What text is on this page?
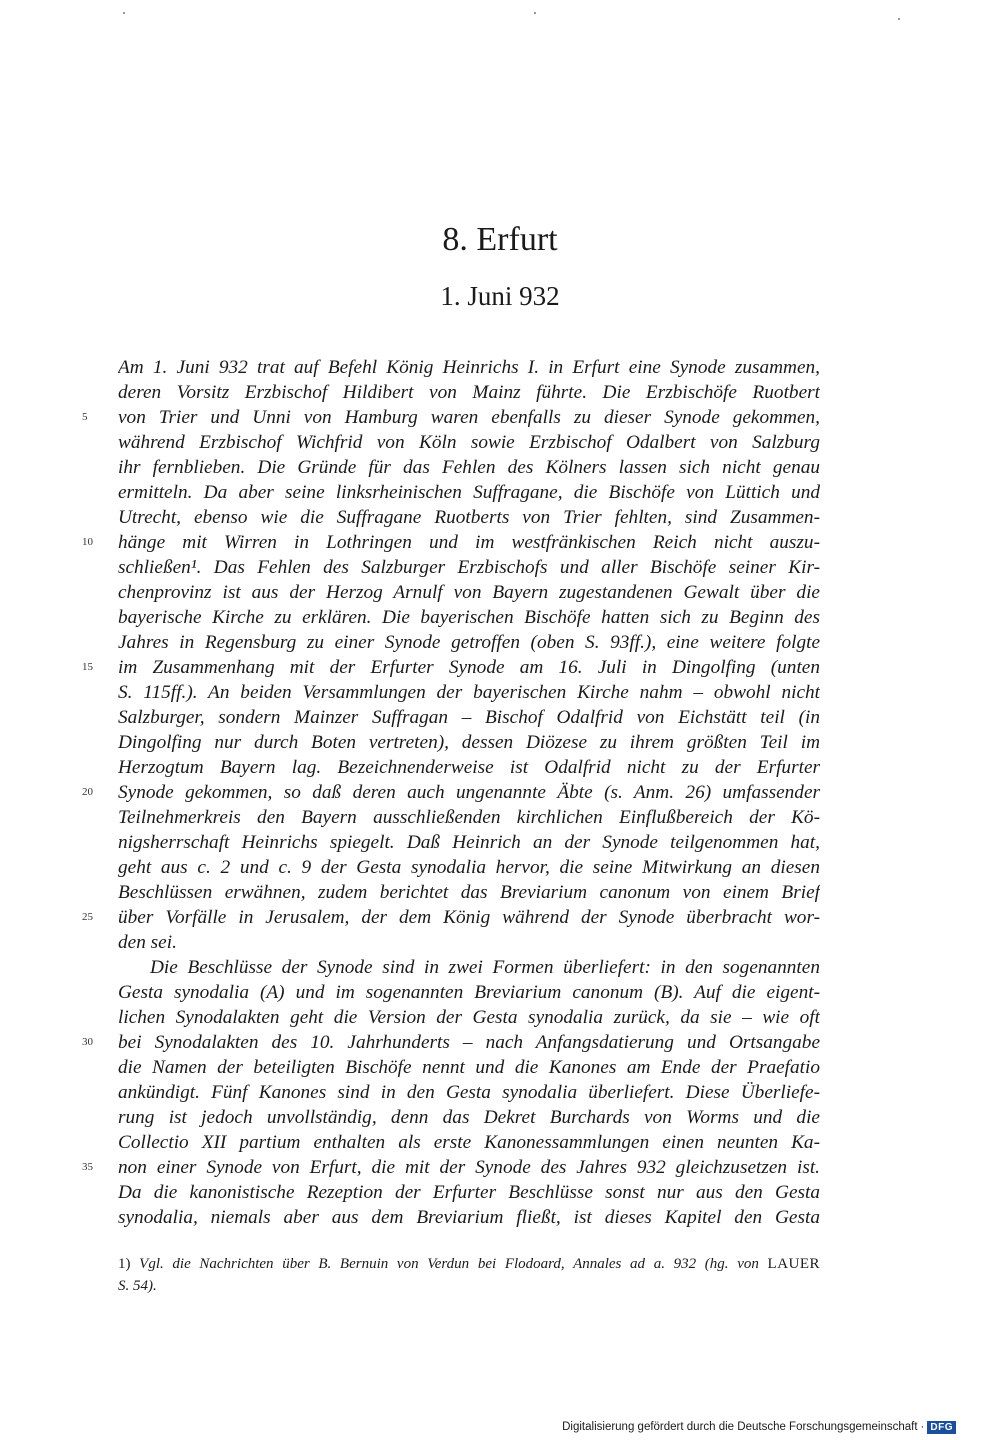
8. Erfurt
1. Juni 932
Am 1. Juni 932 trat auf Befehl König Heinrichs I. in Erfurt eine Synode zusammen,
deren Vorsitz Erzbischof Hildibert von Mainz führte. Die Erzbischöfe Ruotbert
von Trier und Unni von Hamburg waren ebenfalls zu dieser Synode gekommen,
während Erzbischof Wichfrid von Köln sowie Erzbischof Odalbert von Salzburg
ihr fernblieben. Die Gründe für das Fehlen des Kölners lassen sich nicht genau
ermitteln. Da aber seine linksrheinischen Suffragane, die Bischöfe von Lüttich und
Utrecht, ebenso wie die Suffragane Ruotberts von Trier fehlten, sind Zusammen-
hänge mit Wirren in Lothringen und im westfränkischen Reich nicht auszu-
schließen¹. Das Fehlen des Salzburger Erzbischofs und aller Bischöfe seiner Kir-
chenprovinz ist aus der Herzog Arnulf von Bayern zugestandenen Gewalt über die
bayerische Kirche zu erklären. Die bayerischen Bischöfe hatten sich zu Beginn des
Jahres in Regensburg zu einer Synode getroffen (oben S. 93ff.), eine weitere folgte
im Zusammenhang mit der Erfurter Synode am 16. Juli in Dingolfing (unten
S. 115ff.). An beiden Versammlungen der bayerischen Kirche nahm – obwohl nicht
Salzburger, sondern Mainzer Suffragan – Bischof Odalfrid von Eichstätt teil (in
Dingolfing nur durch Boten vertreten), dessen Diözese zu ihrem größten Teil im
Herzogtum Bayern lag. Bezeichnenderweise ist Odalfrid nicht zu der Erfurter
Synode gekommen, so daß deren auch ungenannte Äbte (s. Anm. 26) umfassender
Teilnehmerkreis den Bayern ausschließenden kirchlichen Einflußbereich der Kö-
nigsherrschaft Heinrichs spiegelt. Daß Heinrich an der Synode teilgenommen hat,
geht aus c. 2 und c. 9 der Gesta synodalia hervor, die seine Mitwirkung an diesen
Beschlüssen erwähnen, zudem berichtet das Breviarium canonum von einem Brief
über Vorfälle in Jerusalem, der dem König während der Synode überbracht wor-
den sei.
Die Beschlüsse der Synode sind in zwei Formen überliefert: in den sogenannten
Gesta synodalia (A) und im sogenannten Breviarium canonum (B). Auf die eigent-
lichen Synodalakten geht die Version der Gesta synodalia zurück, da sie – wie oft
bei Synodalakten des 10. Jahrhunderts – nach Anfangsdatierung und Ortsangabe
die Namen der beteiligten Bischöfe nennt und die Kanones am Ende der Praefatio
ankündigt. Fünf Kanones sind in den Gesta synodalia überliefert. Diese Überliefe-
rung ist jedoch unvollständig, denn das Dekret Burchards von Worms und die
Collectio XII partium enthalten als erste Kanonessammlungen einen neunten Ka-
non einer Synode von Erfurt, die mit der Synode des Jahres 932 gleichzusetzen ist.
Da die kanonistische Rezeption der Erfurter Beschlüsse sonst nur aus den Gesta
synodalia, niemals aber aus dem Breviarium fließt, ist dieses Kapitel den Gesta
5
10
15
20
25
30
35
1) Vgl. die Nachrichten über B. Bernuin von Verdun bei Flodoard, Annales ad a. 932 (hg. von LAUER
S. 54).
Digitalisierung gefördert durch die Deutsche Forschungsgemeinschaft · DFG
